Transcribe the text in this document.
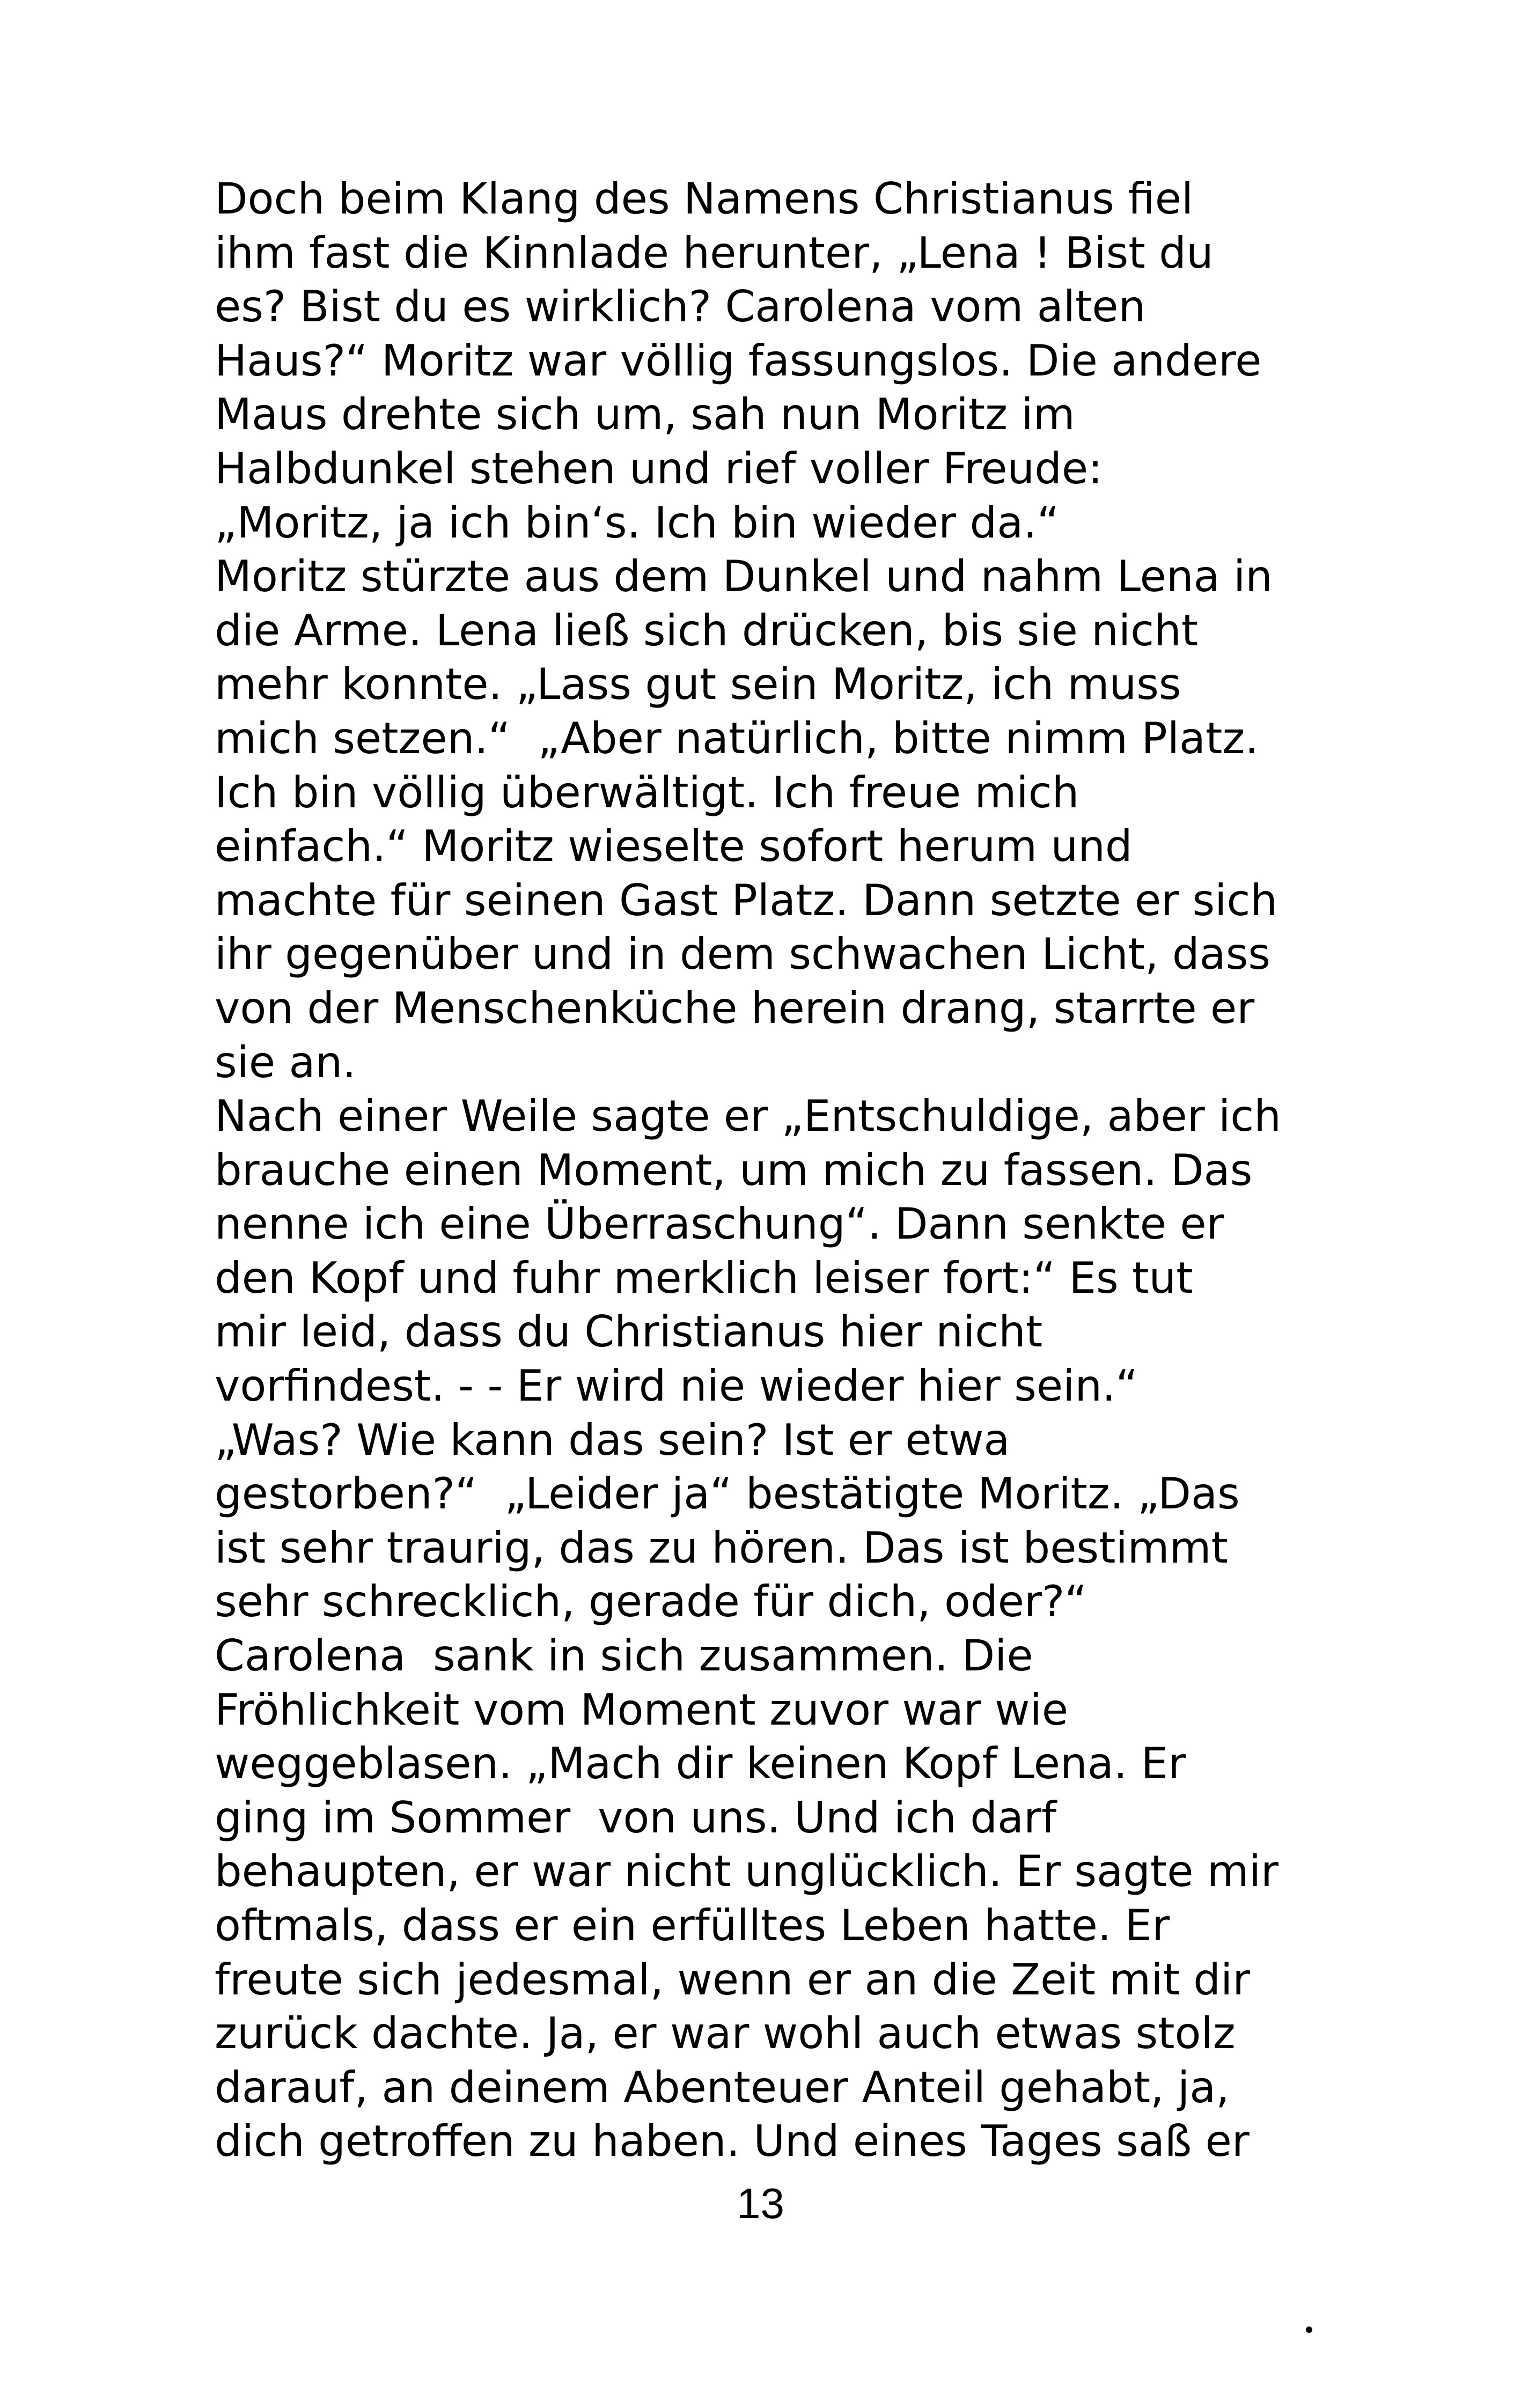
Doch beim Klang des Namens Christianus fiel
ihm fast die Kinnlade herunter, „Lena ! Bist du
es? Bist du es wirklich? Carolena vom alten
Haus?“ Moritz war völlig fassungslos. Die andere
Maus drehte sich um, sah nun Moritz im
Halbdunkel stehen und rief voller Freude:
„Moritz, ja ich bin‘s. Ich bin wieder da.“
Moritz stürzte aus dem Dunkel und nahm Lena in
die Arme. Lena ließ sich drücken, bis sie nicht
mehr konnte. „Lass gut sein Moritz, ich muss
mich setzen.“  „Aber natürlich, bitte nimm Platz.
Ich bin völlig überwältigt. Ich freue mich
einfach.“ Moritz wieselte sofort herum und
machte für seinen Gast Platz. Dann setzte er sich
ihr gegenüber und in dem schwachen Licht, dass
von der Menschenküche herein drang, starrte er
sie an.
Nach einer Weile sagte er „Entschuldige, aber ich
brauche einen Moment, um mich zu fassen. Das
nenne ich eine Überraschung“. Dann senkte er
den Kopf und fuhr merklich leiser fort:“ Es tut
mir leid, dass du Christianus hier nicht
vorfindest. - - Er wird nie wieder hier sein.“
„Was? Wie kann das sein? Ist er etwa
gestorben?“  „Leider ja“ bestätigte Moritz. „Das
ist sehr traurig, das zu hören. Das ist bestimmt
sehr schrecklich, gerade für dich, oder?“
Carolena  sank in sich zusammen. Die
Fröhlichkeit vom Moment zuvor war wie
weggeblasen. „Mach dir keinen Kopf Lena. Er
ging im Sommer  von uns. Und ich darf
behaupten, er war nicht unglücklich. Er sagte mir
oftmals, dass er ein erfülltes Leben hatte. Er
freute sich jedesmal, wenn er an die Zeit mit dir
zurück dachte. Ja, er war wohl auch etwas stolz
darauf, an deinem Abenteuer Anteil gehabt, ja,
dich getroffen zu haben. Und eines Tages saß er
13
